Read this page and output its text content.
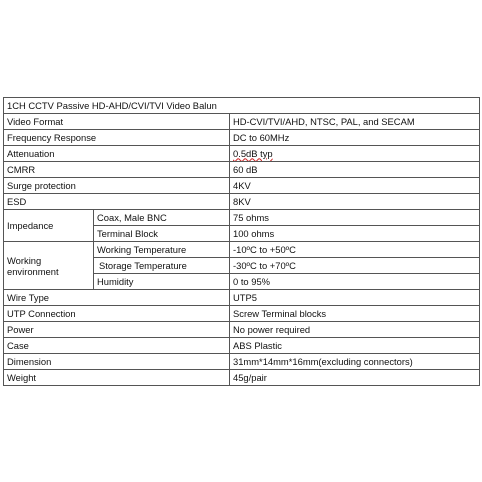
1CH CCTV Passive HD-AHD/CVI/TVI Video Balun		
Video Format		HD-CVI/TVI/AHD, NTSC, PAL, and SECAM
Frequency Response		DC to 60MHz
Attenuation		0.5dB typ
CMRR		60 dB
Surge protection		4KV
ESD		8KV
Impedance	Coax, Male BNC	75 ohms
	Terminal Block	100 ohms
Working environment	Working Temperature	-10ºC to +50ºC
	Storage Temperature	-30ºC to +70ºC
	Humidity	0 to 95%
Wire Type		UTP5
UTP Connection		Screw Terminal blocks
Power		No power required
Case		ABS Plastic
Dimension		31mm*14mm*16mm(excluding connectors)
Weight		45g/pair
